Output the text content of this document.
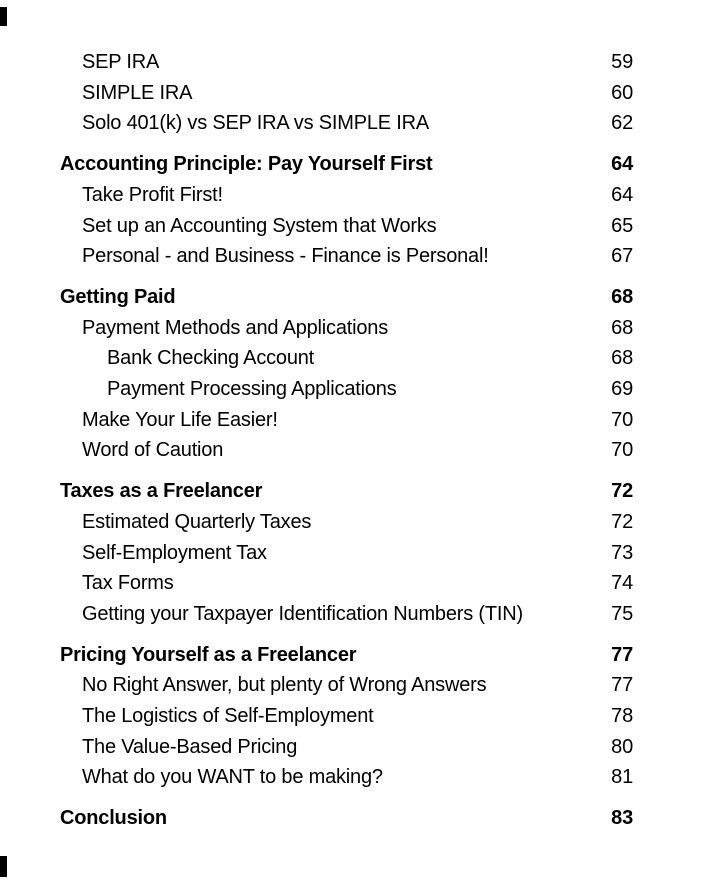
SEP IRA	59
SIMPLE IRA	60
Solo 401(k) vs SEP IRA vs SIMPLE IRA	62
Accounting Principle: Pay Yourself First	64
Take Profit First!	64
Set up an Accounting System that Works	65
Personal - and Business - Finance is Personal!	67
Getting Paid	68
Payment Methods and Applications	68
Bank Checking Account	68
Payment Processing Applications	69
Make Your Life Easier!	70
Word of Caution	70
Taxes as a Freelancer	72
Estimated Quarterly Taxes	72
Self-Employment Tax	73
Tax Forms	74
Getting your Taxpayer Identification Numbers (TIN)	75
Pricing Yourself as a Freelancer	77
No Right Answer, but plenty of Wrong Answers	77
The Logistics of Self-Employment	78
The Value-Based Pricing	80
What do you WANT to be making?	81
Conclusion	83
